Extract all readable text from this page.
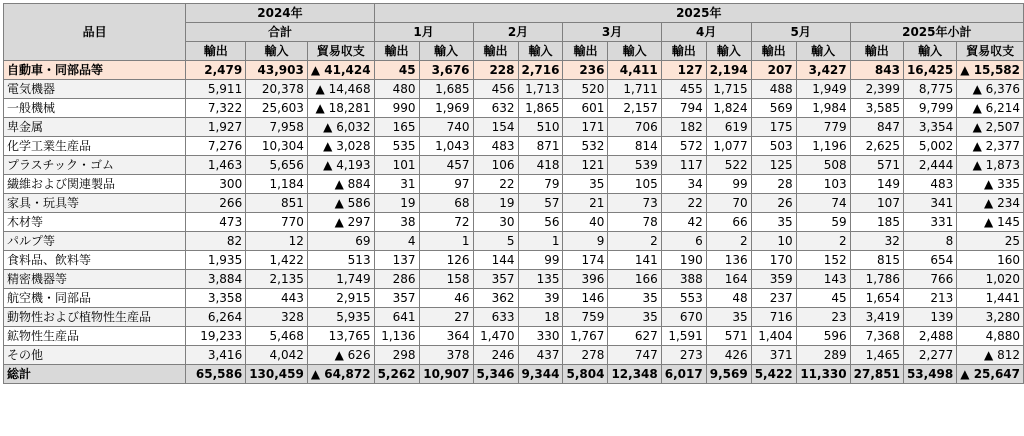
品目	2024年			2025年												
	合計			1月		2月		3月		4月		5月		2025年小計		
	輸出	輸入	貿易収支	輸出	輸入	輸出	輸入	輸出	輸入	輸出	輸入	輸出	輸入	輸出	輸入	貿易収支
自動車・同部品等	2,479	43,903	▲ 41,424	45	3,676	228	2,716	236	4,411	127	2,194	207	3,427	843	16,425	▲ 15,582
電気機器	5,911	20,378	▲ 14,468	480	1,685	456	1,713	520	1,711	455	1,715	488	1,949	2,399	8,775	▲ 6,376
一般機械	7,322	25,603	▲ 18,281	990	1,969	632	1,865	601	2,157	794	1,824	569	1,984	3,585	9,799	▲ 6,214
卑金属	1,927	7,958	▲ 6,032	165	740	154	510	171	706	182	619	175	779	847	3,354	▲ 2,507
化学工業生産品	7,276	10,304	▲ 3,028	535	1,043	483	871	532	814	572	1,077	503	1,196	2,625	5,002	▲ 2,377
プラスチック・ゴム	1,463	5,656	▲ 4,193	101	457	106	418	121	539	117	522	125	508	571	2,444	▲ 1,873
繊維および関連製品	300	1,184	▲ 884	31	97	22	79	35	105	34	99	28	103	149	483	▲ 335
家具・玩具等	266	851	▲ 586	19	68	19	57	21	73	22	70	26	74	107	341	▲ 234
木材等	473	770	▲ 297	38	72	30	56	40	78	42	66	35	59	185	331	▲ 145
パルプ等	82	12	69	4	1	5	1	9	2	6	2	10	2	32	8	25
食料品、飲料等	1,935	1,422	513	137	126	144	99	174	141	190	136	170	152	815	654	160
精密機器等	3,884	2,135	1,749	286	158	357	135	396	166	388	164	359	143	1,786	766	1,020
航空機・同部品	3,358	443	2,915	357	46	362	39	146	35	553	48	237	45	1,654	213	1,441
動物性および植物性生産品	6,264	328	5,935	641	27	633	18	759	35	670	35	716	23	3,419	139	3,280
鉱物性生産品	19,233	5,468	13,765	1,136	364	1,470	330	1,767	627	1,591	571	1,404	596	7,368	2,488	4,880
その他	3,416	4,042	▲ 626	298	378	246	437	278	747	273	426	371	289	1,465	2,277	▲ 812
総計	65,586	130,459	▲ 64,872	5,262	10,907	5,346	9,344	5,804	12,348	6,017	9,569	5,422	11,330	27,851	53,498	▲ 25,647
